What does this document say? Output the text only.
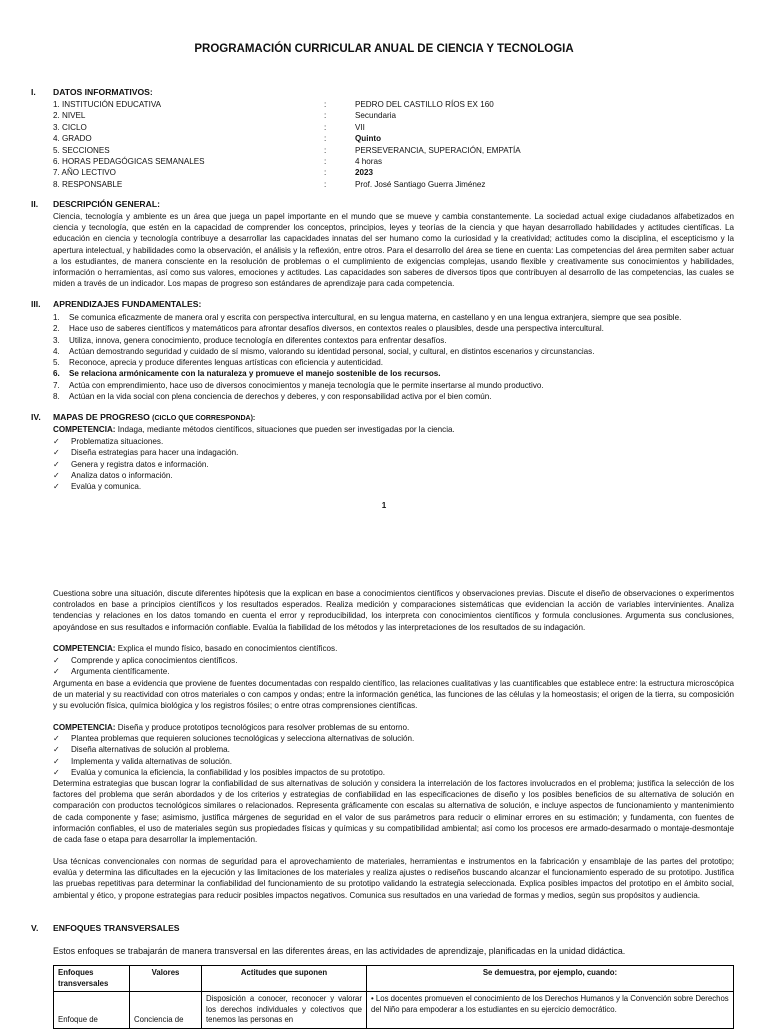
PROGRAMACIÓN CURRICULAR ANUAL DE CIENCIA Y TECNOLOGIA
I. DATOS INFORMATIVOS:
1. INSTITUCIÓN EDUCATIVA	:	PEDRO DEL CASTILLO RÍOS EX 160
2. NIVEL	:	Secundaria
3. CICLO	:	VII
4. GRADO	:	Quinto
5. SECCIONES	:	PERSEVERANCIA, SUPERACIÓN, EMPATÍA
6. HORAS PEDAGÓGICAS SEMANALES	:	4 horas
7. AÑO LECTIVO	:	2023
8. RESPONSABLE	:	Prof. José Santiago Guerra Jiménez
II. DESCRIPCIÓN GENERAL:
Ciencia, tecnología y ambiente es un área que juega un papel importante en el mundo que se mueve y cambia constantemente. La sociedad actual exige ciudadanos alfabetizados en ciencia y tecnología, que estén en la capacidad de comprender los conceptos, principios, leyes y teorías de la ciencia y que hayan desarrollado habilidades y actitudes científicas. La educación en ciencia y tecnología contribuye a desarrollar las capacidades innatas del ser humano como la curiosidad y la creatividad; actitudes como la disciplina, el escepticismo y la apertura intelectual, y habilidades como la observación, el análisis y la reflexión, entre otros. Para el desarrollo del área se tiene en cuenta: Las competencias del área permiten saber actuar a los estudiantes, de manera consciente en la resolución de problemas o el cumplimiento de exigencias complejas, usando flexible y creativamente sus conocimientos y habilidades, información o herramientas, así como sus valores, emociones y actitudes. Las capacidades son saberes de diversos tipos que contribuyen al desarrollo de las competencias, las cuales se miden a través de un indicador. Los mapas de progreso son estándares de aprendizaje para cada competencia.
III. APRENDIZAJES FUNDAMENTALES:
1. Se comunica eficazmente de manera oral y escrita con perspectiva intercultural, en su lengua materna, en castellano y en una lengua extranjera, siempre que sea posible.
2. Hace uso de saberes científicos y matemáticos para afrontar desafíos diversos, en contextos reales o plausibles, desde una perspectiva intercultural.
3. Utiliza, innova, genera conocimiento, produce tecnología en diferentes contextos para enfrentar desafíos.
4. Actúan demostrando seguridad y cuidado de sí mismo, valorando su identidad personal, social, y cultural, en distintos escenarios y circunstancias.
5. Reconoce, aprecia y produce diferentes lenguas artísticas con eficiencia y autenticidad.
6. Se relaciona armónicamente con la naturaleza y promueve el manejo sostenible de los recursos.
7. Actúa con emprendimiento, hace uso de diversos conocimientos y maneja tecnología que le permite insertarse al mundo productivo.
8. Actúan en la vida social con plena conciencia de derechos y deberes, y con responsabilidad activa por el bien común.
IV. MAPAS DE PROGRESO (CICLO QUE CORRESPONDA):
COMPETENCIA: Indaga, mediante métodos científicos, situaciones que pueden ser investigadas por la ciencia.
✓ Problematiza situaciones.
✓ Diseña estrategias para hacer una indagación.
✓ Genera y registra datos e información.
✓ Analiza datos o información.
✓ Evalúa y comunica.
1
Cuestiona sobre una situación, discute diferentes hipótesis que la explican en base a conocimientos científicos y observaciones previas. Discute el diseño de observaciones o experimentos controlados en base a principios científicos y los resultados esperados. Realiza medición y comparaciones sistemáticas que evidencian la acción de variables intervinientes. Analiza tendencias y relaciones en los datos tomando en cuenta el error y reproducibilidad, los interpreta con conocimientos científicos y formula conclusiones. Argumenta sus conclusiones, apoyándose en sus resultados e información confiable. Evalúa la fiabilidad de los métodos y las interpretaciones de los resultados de su indagación.
COMPETENCIA: Explica el mundo físico, basado en conocimientos científicos.
✓ Comprende y aplica conocimientos científicos.
✓ Argumenta científicamente.
Argumenta en base a evidencia que proviene de fuentes documentadas con respaldo científico, las relaciones cualitativas y las cuantificables que establece entre: la estructura microscópica de un material y su reactividad con otros materiales o con campos y ondas; entre la información genética, las funciones de las células y la homeostasis; el origen de la tierra, su composición y su evolución física, química biológica y los registros fósiles; o entre otras comprensiones científicas.
COMPETENCIA: Diseña y produce prototipos tecnológicos para resolver problemas de su entorno.
✓ Plantea problemas que requieren soluciones tecnológicas y selecciona alternativas de solución.
✓ Diseña alternativas de solución al problema.
✓ Implementa y valida alternativas de solución.
✓ Evalúa y comunica la eficiencia, la confiabilidad y los posibles impactos de su prototipo.
Determina estrategias que buscan lograr la confiabilidad de sus alternativas de solución y considera la interrelación de los factores involucrados en el problema; justifica la selección de los factores del problema que serán abordados y de los criterios y estrategias de confiabilidad en las especificaciones de diseño y los posibles beneficios de su alternativa de solución en comparación con productos tecnológicos similares o relacionados. Representa gráficamente con escalas su alternativa de solución, e incluye aspectos de funcionamiento y mantenimiento de cada componente y fase; asimismo, justifica márgenes de seguridad en el valor de sus parámetros para reducir o eliminar errores en su estimación; y fundamenta, con fuentes de información confiables, el uso de materiales según sus propiedades físicas y químicas y su compatibilidad ambiental; así como los procesos ere armado-desarmado o montaje-desmontaje de cada fase o etapa para desarrollar la implementación.
Usa técnicas convencionales con normas de seguridad para el aprovechamiento de materiales, herramientas e instrumentos en la fabricación y ensamblaje de las partes del prototipo; evalúa y determina las dificultades en la ejecución y las limitaciones de los materiales y realiza ajustes o rediseños buscando alcanzar el funcionamiento esperado de su prototipo. Justifica las pruebas repetitivas para determinar la confiabilidad del funcionamiento de su prototipo validando la estrategia seleccionada. Explica posibles impactos del prototipo en el ámbito social, ambiental y ético, y propone estrategias para reducir posibles impactos negativos. Comunica sus resultados en una variedad de formas y medios, según sus propósitos y audiencia.
V. ENFOQUES TRANSVERSALES
Estos enfoques se trabajarán de manera transversal en las diferentes áreas, en las actividades de aprendizaje, planificadas en la unidad didáctica.
Enfoques transversales	Valores	Actitudes que suponen	Se demuestra, por ejemplo, cuando:
Enfoque de	Conciencia de	Disposición a conocer, reconocer y valorar los derechos individuales y colectivos que tenemos las personas en	• Los docentes promueven el conocimiento de los Derechos Humanos y la Convención sobre Derechos del Niño para empoderar a los estudiantes en su ejercicio democrático.
